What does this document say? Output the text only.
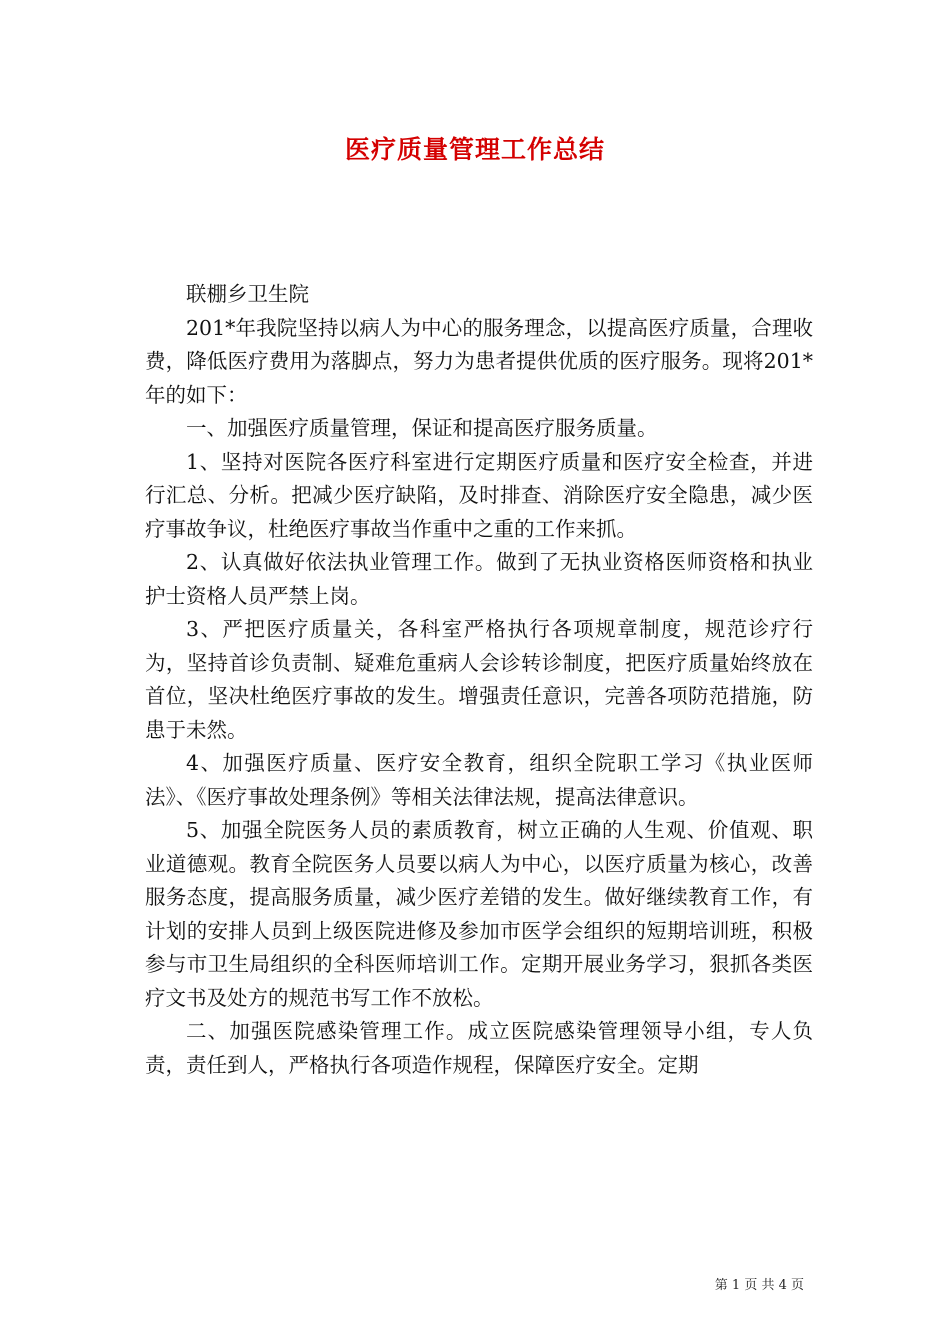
医疗质量管理工作总结

联棚乡卫生院

201*年我院坚持以病人为中心的服务理念，以提高医疗质量，合理收费，降低医疗费用为落脚点，努力为患者提供优质的医疗服务。现将201*年的如下：

一、加强医疗质量管理，保证和提高医疗服务质量。

1、坚持对医院各医疗科室进行定期医疗质量和医疗安全检查，并进行汇总、分析。把减少医疗缺陷，及时排查、消除医疗安全隐患，减少医疗事故争议，杜绝医疗事故当作重中之重的工作来抓。

2、认真做好依法执业管理工作。做到了无执业资格医师资格和执业护士资格人员严禁上岗。

3、严把医疗质量关，各科室严格执行各项规章制度，规范诊疗行为，坚持首诊负责制、疑难危重病人会诊转诊制度，把医疗质量始终放在首位，坚决杜绝医疗事故的发生。增强责任意识，完善各项防范措施，防患于未然。

4、加强医疗质量、医疗安全教育，组织全院职工学习《执业医师法》、《医疗事故处理条例》等相关法律法规，提高法律意识。

5、加强全院医务人员的素质教育，树立正确的人生观、价值观、职业道德观。教育全院医务人员要以病人为中心，以医疗质量为核心，改善服务态度，提高服务质量，减少医疗差错的发生。做好继续教育工作，有计划的安排人员到上级医院进修及参加市医学会组织的短期培训班，积极参与市卫生局组织的全科医师培训工作。定期开展业务学习，狠抓各类医疗文书及处方的规范书写工作不放松。

二、加强医院感染管理工作。成立医院感染管理领导小组，专人负责，责任到人，严格执行各项造作规程，保障医疗安全。定期

第 1 页 共 4 页
